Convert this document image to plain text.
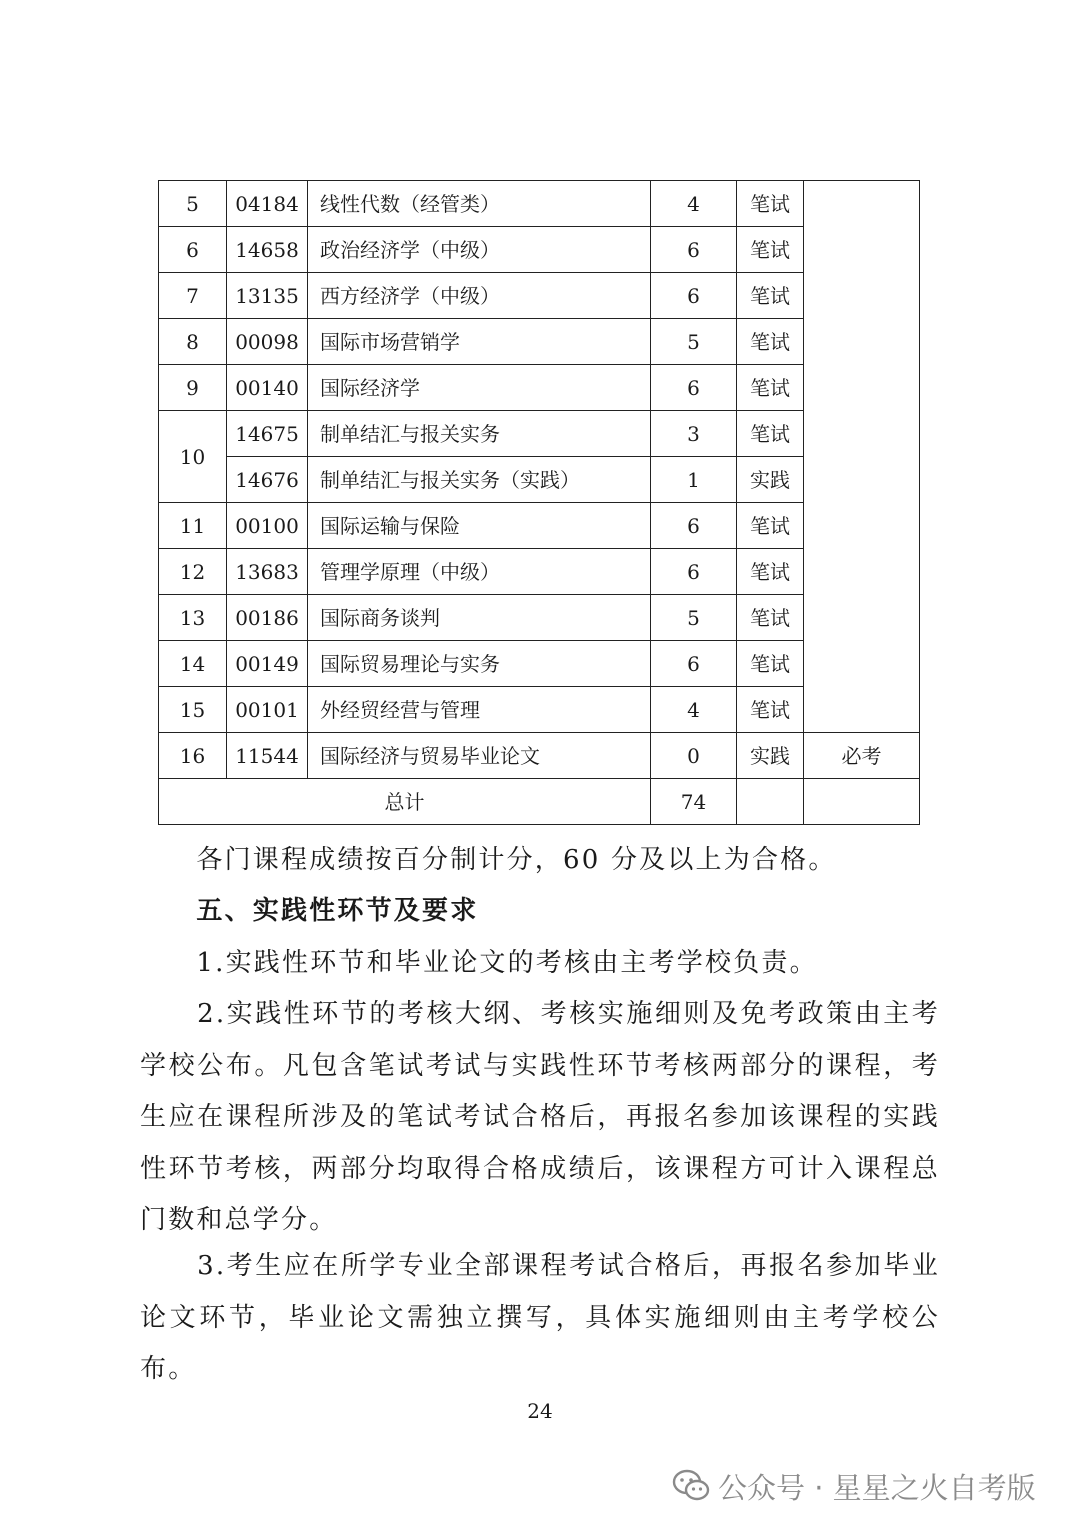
5	04184	线性代数（经管类）	4	笔试	
6	14658	政治经济学（中级）	6	笔试	
7	13135	西方经济学（中级）	6	笔试	
8	00098	国际市场营销学	5	笔试	
9	00140	国际经济学	6	笔试	
10	14675	制单结汇与报关实务	3	笔试	
	14676	制单结汇与报关实务（实践）	1	实践	
11	00100	国际运输与保险	6	笔试	
12	13683	管理学原理（中级）	6	笔试	
13	00186	国际商务谈判	5	笔试	
14	00149	国际贸易理论与实务	6	笔试	
15	00101	外经贸经营与管理	4	笔试	
16	11544	国际经济与贸易毕业论文	0	实践	必考
总计			74		

　　各门课程成绩按百分制计分，60 分及以上为合格。

　　五、实践性环节及要求

　　1.实践性环节和毕业论文的考核由主考学校负责。

　　2.实践性环节的考核大纲、考核实施细则及免考政策由主考学校公布。凡包含笔试考试与实践性环节考核两部分的课程，考生应在课程所涉及的笔试考试合格后，再报名参加该课程的实践性环节考核，两部分均取得合格成绩后，该课程方可计入课程总门数和总学分。

　　3.考生应在所学专业全部课程考试合格后，再报名参加毕业论文环节，毕业论文需独立撰写，具体实施细则由主考学校公布。

24
公众号 · 星星之火自考版
